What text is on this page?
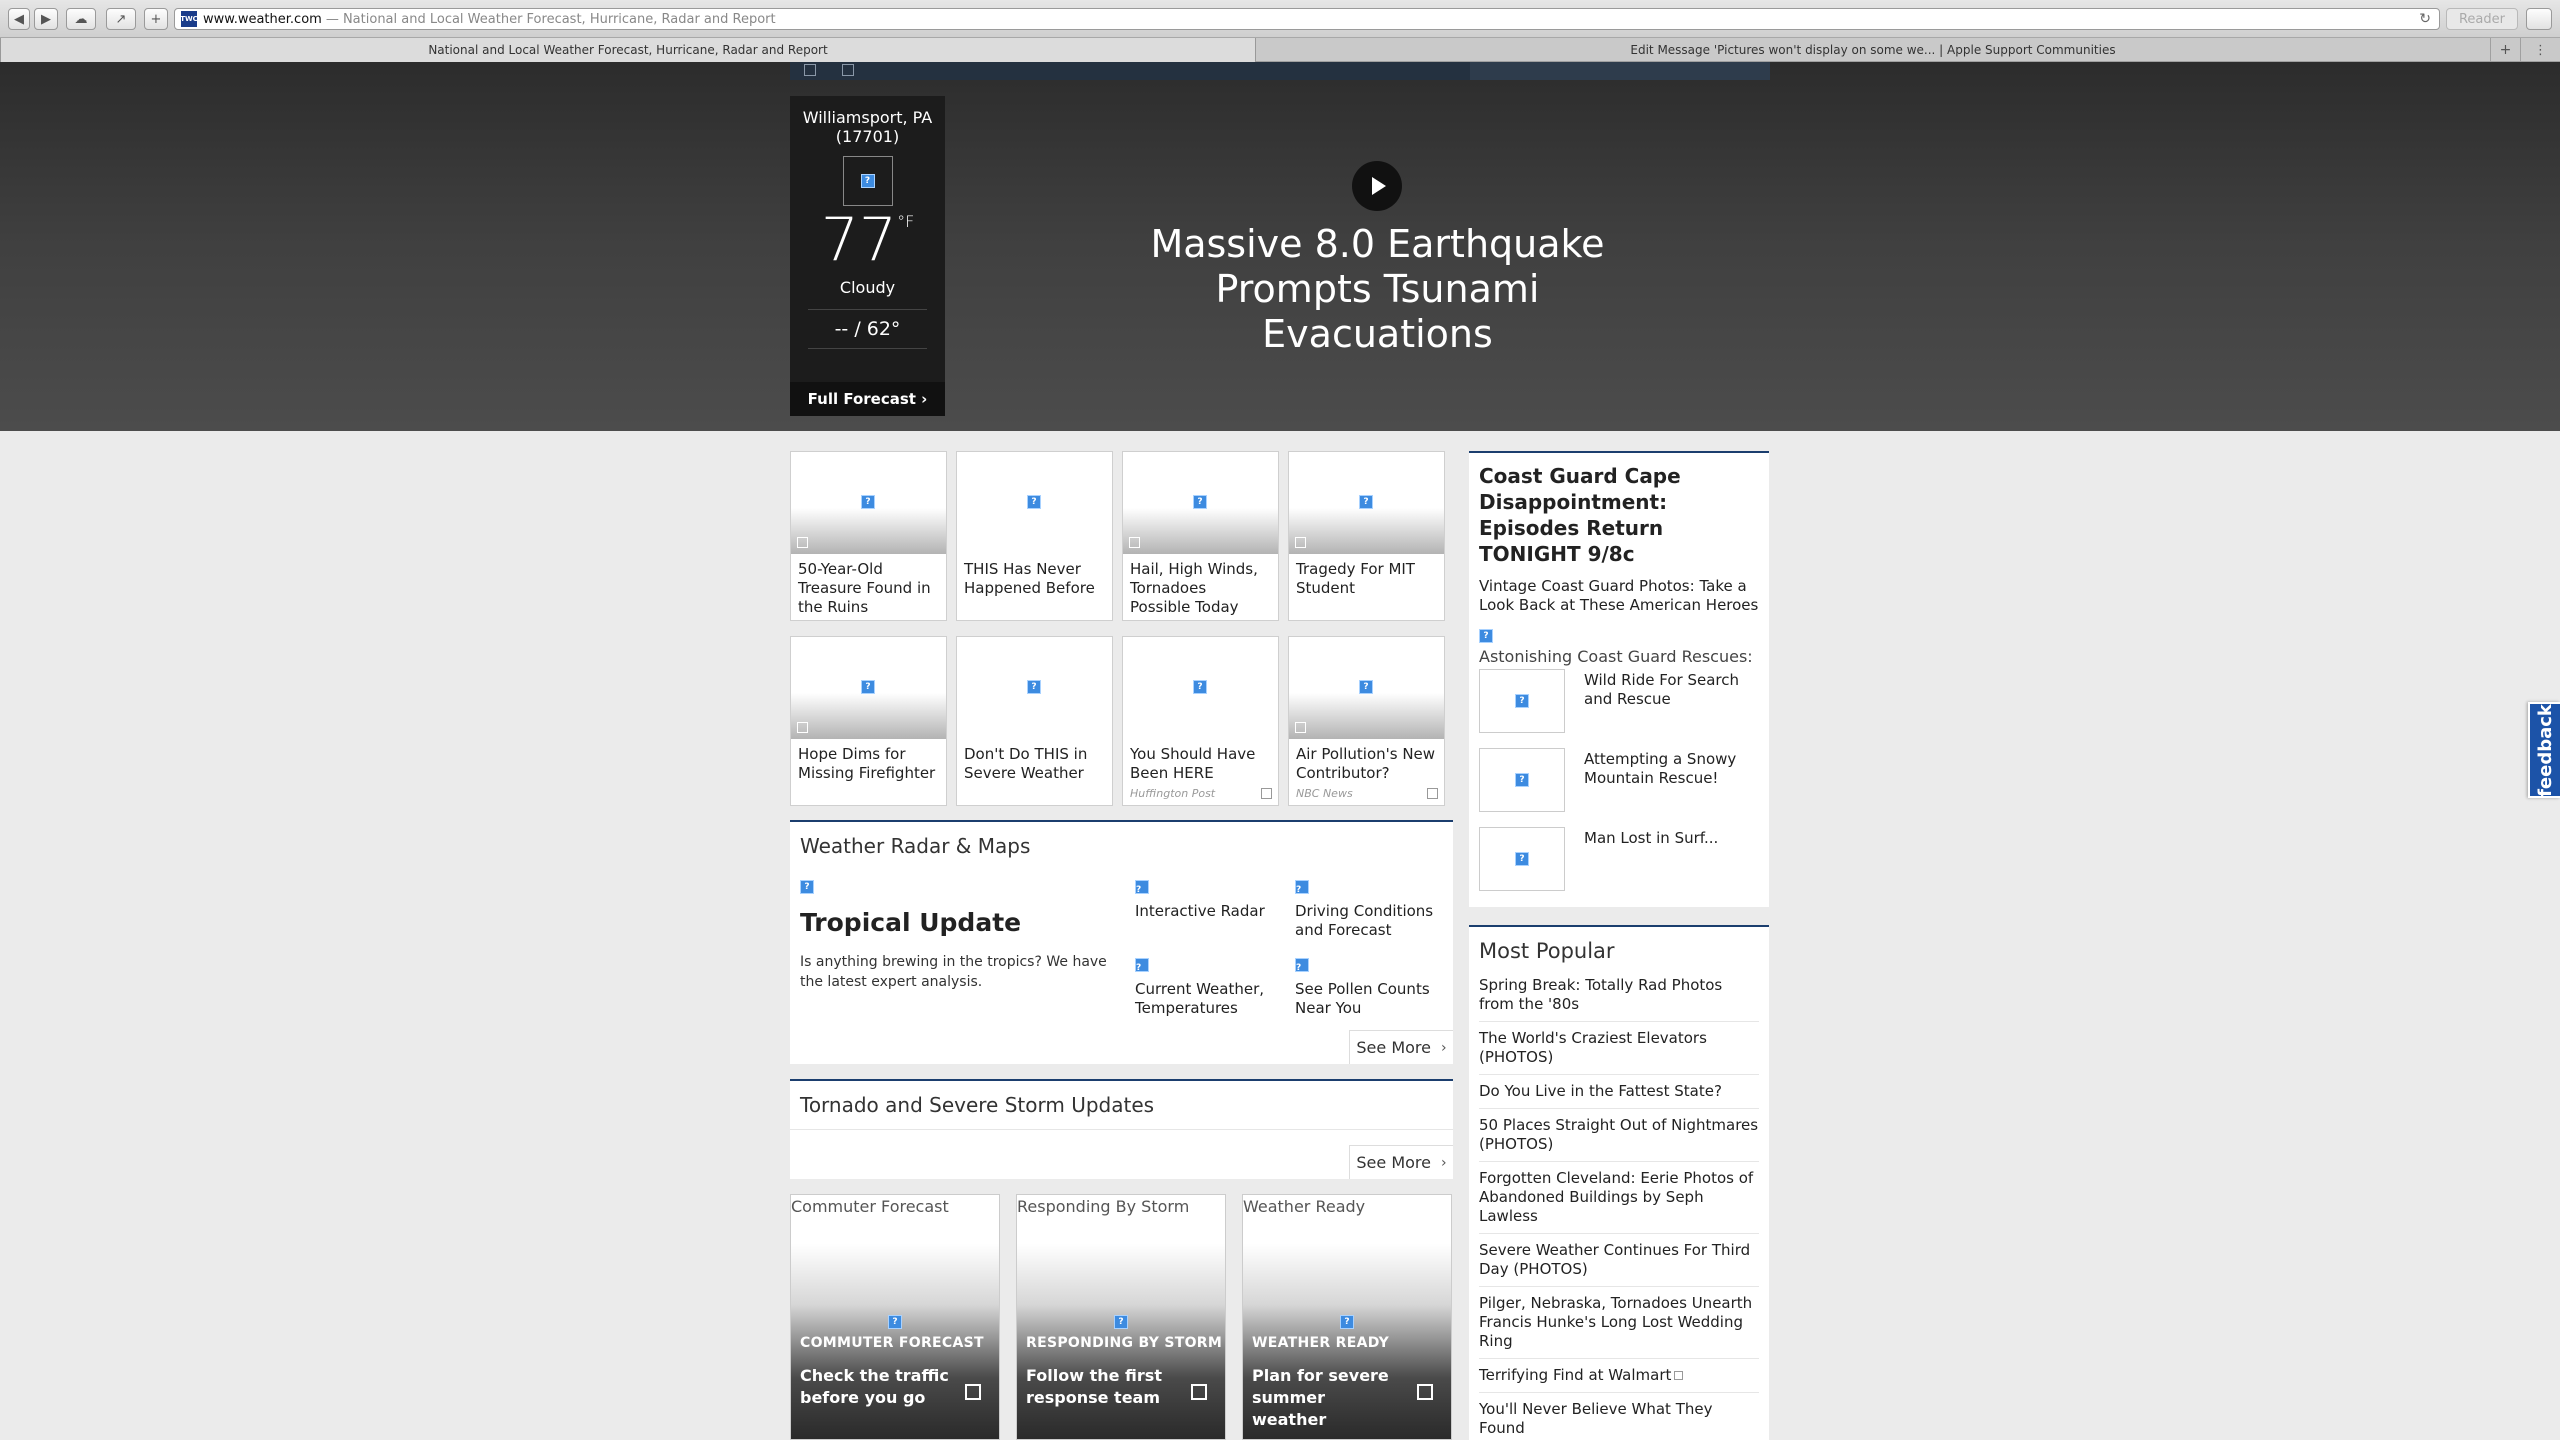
◀	▶	☁	↗	+	TWC www.weather.com — National and Local Weather Forecast, Hurricane, Radar and Report	↻	Reader
National and Local Weather Forecast, Hurricane, Radar and Report	Edit Message 'Pictures won't display on some we... | Apple Support Communities	+	⋮
Williamsport, PA (17701)
?
$77^{^\circ F}$
Cloudy
-- / 62°
Full Forecast ›
Massive 8.0 Earthquake Prompts Tsunami Evacuations
?
50-Year-Old Treasure Found in the Ruins
?
THIS Has Never Happened Before
?
Hail, High Winds, Tornadoes Possible Today
?
Tragedy For MIT Student
?
Hope Dims for Missing Firefighter
?
Don't Do THIS in Severe Weather
?
You Should Have Been HERE
Huffington Post
?
Air Pollution's New Contributor?
NBC News
Weather Radar & Maps
?
Tropical Update
Is anything brewing in the tropics? We have the latest expert analysis.
?
Interactive Radar
?
Driving Conditions and Forecast
?
Current Weather, Temperatures
?
See Pollen Counts Near You
See More ›
Tornado and Severe Storm Updates
See More ›
Commuter Forecast
?
COMMUTER FORECAST
Check the traffic before you go
Responding By Storm
?
RESPONDING BY STORM
Follow the first response team
Weather Ready
?
WEATHER READY
Plan for severe summer weather
Coast Guard Cape Disappointment: Episodes Return TONIGHT 9/8c
Vintage Coast Guard Photos: Take a Look Back at These American Heroes
?
Astonishing Coast Guard Rescues:
?
Wild Ride For Search and Rescue
?
Attempting a Snowy Mountain Rescue!
?
Man Lost in Surf...
Most Popular
Spring Break: Totally Rad Photos from the '80s
The World's Craziest Elevators (PHOTOS)
Do You Live in the Fattest State?
50 Places Straight Out of Nightmares (PHOTOS)
Forgotten Cleveland: Eerie Photos of Abandoned Buildings by Seph Lawless
Severe Weather Continues For Third Day (PHOTOS)
Pilger, Nebraska, Tornadoes Unearth Francis Hunke's Long Lost Wedding Ring
Terrifying Find at Walmart
You'll Never Believe What They Found

feedback
